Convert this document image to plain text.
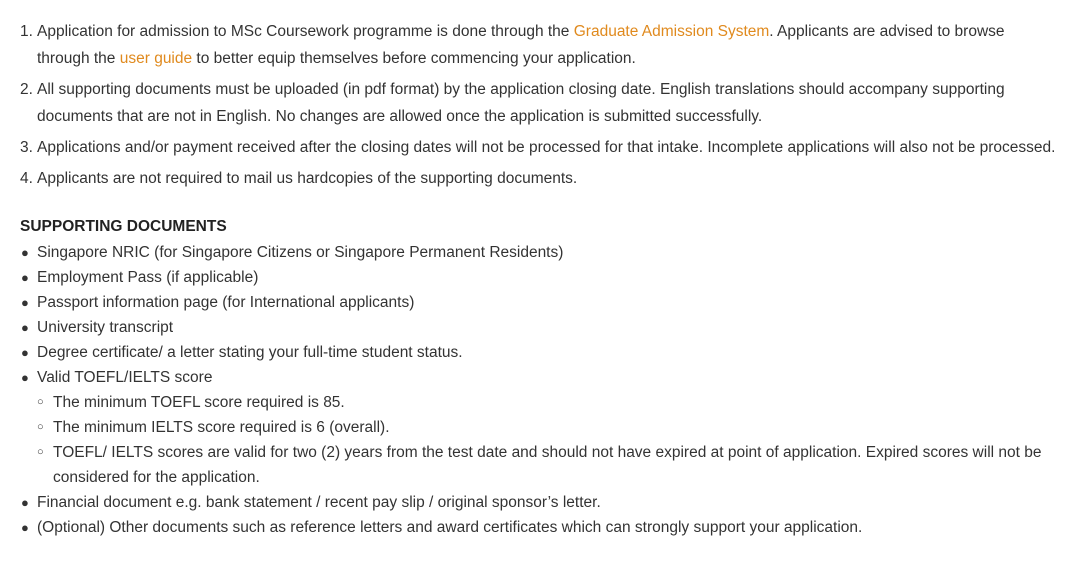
1. Application for admission to MSc Coursework programme is done through the Graduate Admission System. Applicants are advised to browse through the user guide to better equip themselves before commencing your application.
2. All supporting documents must be uploaded (in pdf format) by the application closing date. English translations should accompany supporting documents that are not in English. No changes are allowed once the application is submitted successfully.
3. Applications and/or payment received after the closing dates will not be processed for that intake. Incomplete applications will also not be processed.
4. Applicants are not required to mail us hardcopies of the supporting documents.
SUPPORTING DOCUMENTS
● Singapore NRIC (for Singapore Citizens or Singapore Permanent Residents)
● Employment Pass (if applicable)
● Passport information page (for International applicants)
● University transcript
● Degree certificate/ a letter stating your full-time student status.
● Valid TOEFL/IELTS score
○ The minimum TOEFL score required is 85.
○ The minimum IELTS score required is 6 (overall).
○ TOEFL/ IELTS scores are valid for two (2) years from the test date and should not have expired at point of application. Expired scores will not be considered for the application.
● Financial document e.g. bank statement / recent pay slip / original sponsor’s letter.
● (Optional) Other documents such as reference letters and award certificates which can strongly support your application.
